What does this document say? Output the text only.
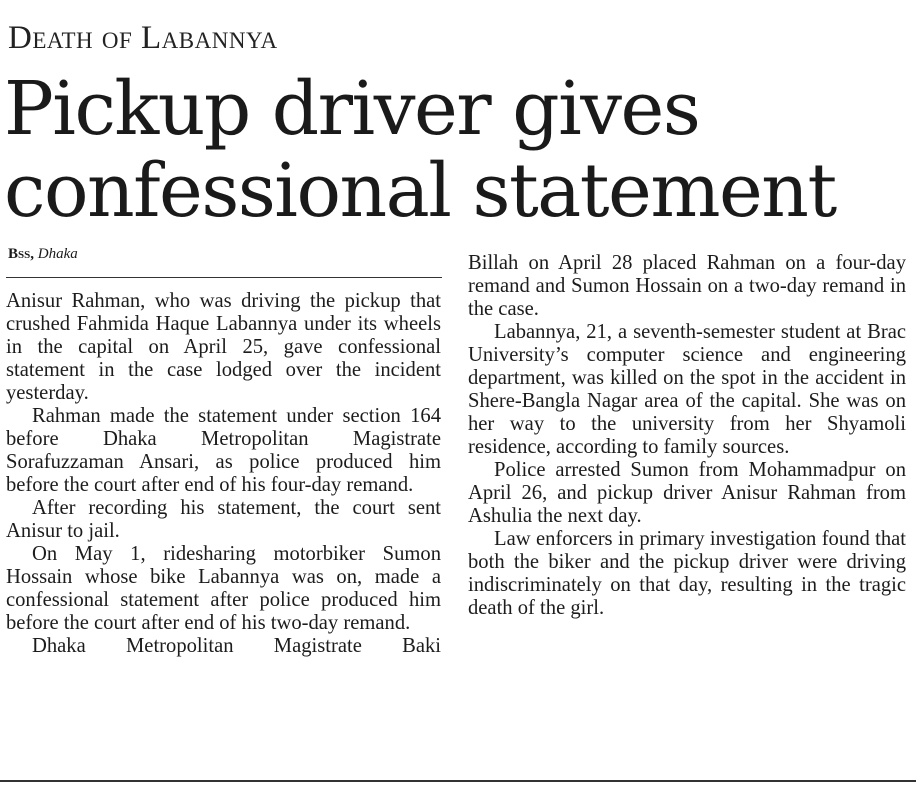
Death of Labannya
Pickup driver gives
confessional statement
Bss, Dhaka

Anisur Rahman, who was driving the pickup that crushed Fahmida Haque Labannya under its wheels in the capital on April 25, gave confessional statement in the case lodged over the incident yesterday.

Rahman made the statement under section 164 before Dhaka Metropolitan Magistrate Sorafuzzaman Ansari, as police produced him before the court after end of his four-day remand.

After recording his statement, the court sent Anisur to jail.

On May 1, ridesharing motorbiker Sumon Hossain whose bike Labannya was on, made a confessional statement after police produced him before the court after end of his two-day remand.

Dhaka Metropolitan Magistrate Baki

Billah on April 28 placed Rahman on a four-day remand and Sumon Hossain on a two-day remand in the case.

Labannya, 21, a seventh-semester student at Brac University’s computer science and engineering department, was killed on the spot in the accident in Shere-Bangla Nagar area of the capital. She was on her way to the university from her Shyamoli residence, according to family sources.

Police arrested Sumon from Mohammadpur on April 26, and pickup driver Anisur Rahman from Ashulia the next day.

Law enforcers in primary investigation found that both the biker and the pickup driver were driving indiscriminately on that day, resulting in the tragic death of the girl.
